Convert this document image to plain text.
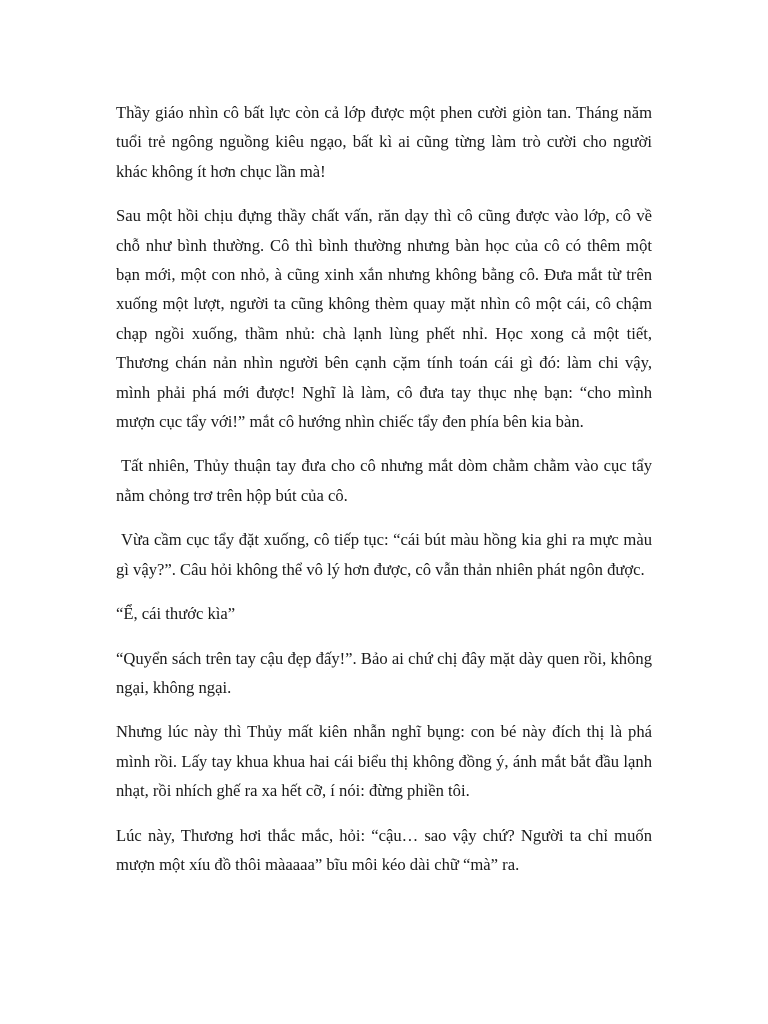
Thầy giáo nhìn cô bất lực còn cả lớp được một phen cười giòn tan. Tháng năm tuổi trẻ ngông nguồng kiêu ngạo, bất kì ai cũng từng làm trò cười cho người khác không ít hơn chục lần mà!

Sau một hồi chịu đựng thầy chất vấn, răn dạy thì cô cũng được vào lớp, cô về chỗ như bình thường. Cô thì bình thường nhưng bàn học của cô có thêm một bạn mới, một con nhỏ, à cũng xinh xắn nhưng không bằng cô. Đưa mắt từ trên xuống một lượt, người ta cũng không thèm quay mặt nhìn cô một cái, cô chậm chạp ngồi xuống, thầm nhủ: chà lạnh lùng phết nhỉ. Học xong cả một tiết, Thương chán nản nhìn người bên cạnh cặm tính toán cái gì đó: làm chi vậy, mình phải phá mới được! Nghĩ là làm, cô đưa tay thục nhẹ bạn: “cho mình mượn cục tẩy với!” mắt cô hướng nhìn chiếc tẩy đen phía bên kia bàn.

Tất nhiên, Thủy thuận tay đưa cho cô nhưng mắt dòm chằm chằm vào cục tẩy nằm chỏng trơ trên hộp bút của cô.

Vừa cầm cục tẩy đặt xuống, cô tiếp tục: “cái bút màu hồng kia ghi ra mực màu gì vậy?”. Câu hỏi không thể vô lý hơn được, cô vẫn thản nhiên phát ngôn được.

“Ể, cái thước kìa”

“Quyển sách trên tay cậu đẹp đấy!”. Bảo ai chứ chị đây mặt dày quen rồi, không ngại, không ngại.

Nhưng lúc này thì Thủy mất kiên nhẫn nghĩ bụng: con bé này đích thị là phá mình rồi. Lấy tay khua khua hai cái biểu thị không đồng ý, ánh mắt bắt đầu lạnh nhạt, rồi nhích ghế ra xa hết cỡ, í nói: đừng phiền tôi.

Lúc này, Thương hơi thắc mắc, hỏi: “cậu… sao vậy chứ? Người ta chỉ muốn mượn một xíu đồ thôi màaaaa” bĩu môi kéo dài chữ “mà” ra.
